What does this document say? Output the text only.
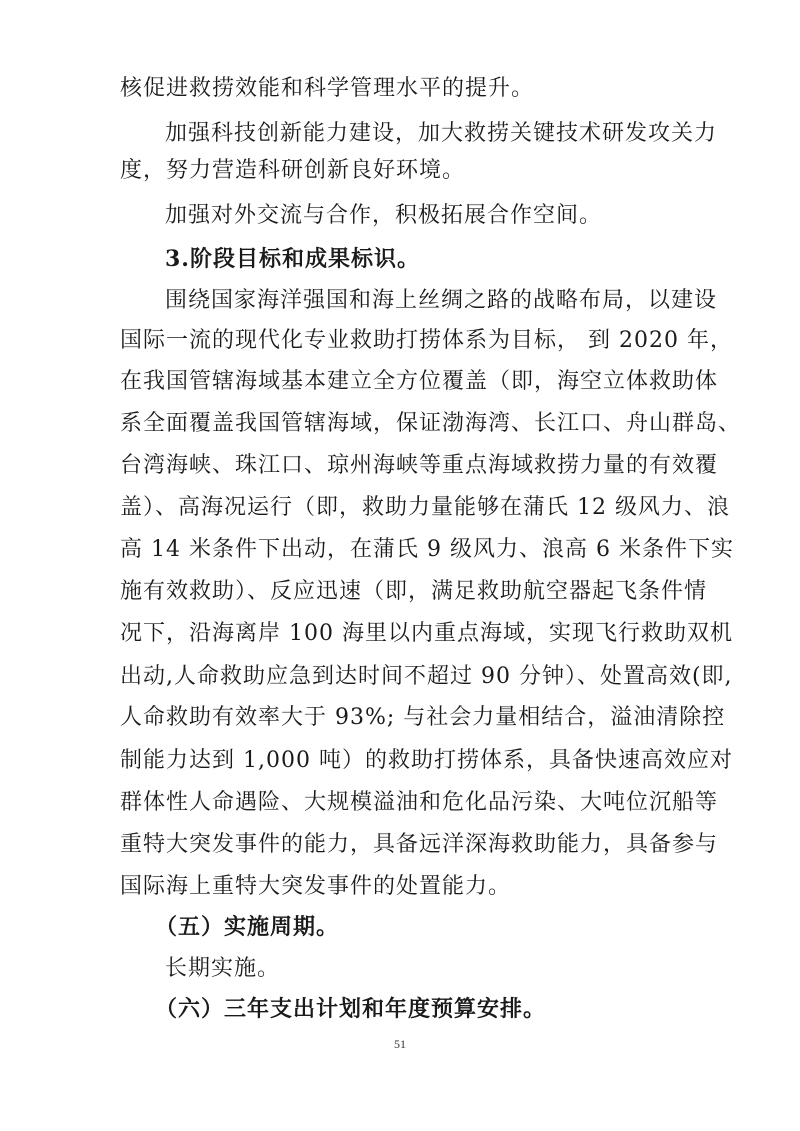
核促进救捞效能和科学管理水平的提升。
加强科技创新能力建设，加大救捞关键技术研发攻关力
度，努力营造科研创新良好环境。
加强对外交流与合作，积极拓展合作空间。
3.阶段目标和成果标识。
围绕国家海洋强国和海上丝绸之路的战略布局，以建设
国际一流的现代化专业救助打捞体系为目标， 到 2020 年，
在我国管辖海域基本建立全方位覆盖（即，海空立体救助体
系全面覆盖我国管辖海域，保证渤海湾、长江口、舟山群岛、
台湾海峡、珠江口、琼州海峡等重点海域救捞力量的有效覆
盖）、高海况运行（即，救助力量能够在蒲氏 12 级风力、浪
高 14 米条件下出动，在蒲氏 9 级风力、浪高 6 米条件下实
施有效救助）、反应迅速（即，满足救助航空器起飞条件情
况下，沿海离岸 100 海里以内重点海域，实现飞行救助双机
出动,人命救助应急到达时间不超过 90 分钟）、处置高效(即,
人命救助有效率大于 93%; 与社会力量相结合，溢油清除控
制能力达到 1,000 吨）的救助打捞体系，具备快速高效应对
群体性人命遇险、大规模溢油和危化品污染、大吨位沉船等
重特大突发事件的能力，具备远洋深海救助能力，具备参与
国际海上重特大突发事件的处置能力。
（五）实施周期。
长期实施。
（六）三年支出计划和年度预算安排。
51
